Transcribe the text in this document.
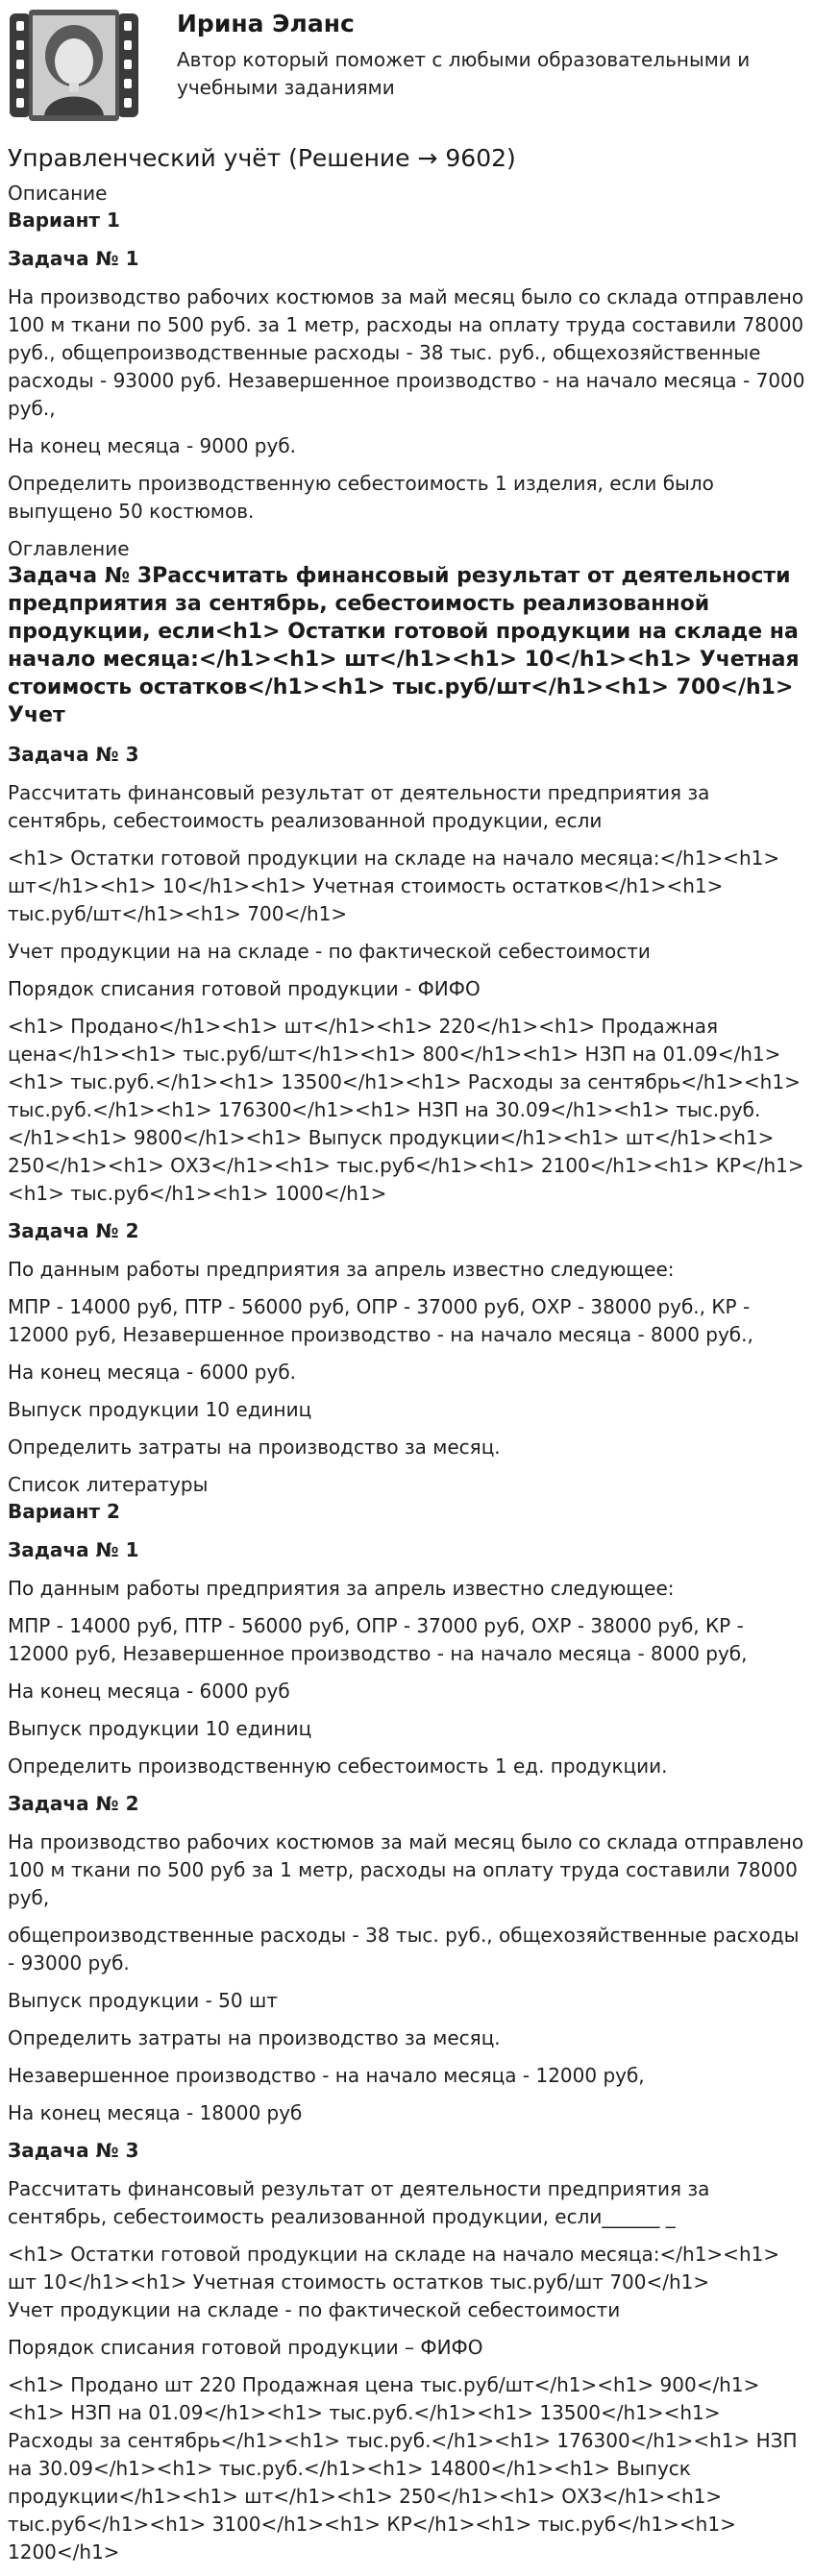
Ирина Эланс
Автор который поможет с любыми образовательными и учебными заданиями
Управленческий учёт (Решение → 9602)
Описание
Вариант 1
Задача № 1

На производство рабочих костюмов за май месяц было со склада отправлено 100 м ткани по 500 руб. за 1 метр, расходы на оплату труда составили 78000 руб., общепроизводственные расходы - 38 тыс. руб., общехозяйственные расходы - 93000 руб. Незавершенное производство - на начало месяца - 7000 руб.,

На конец месяца - 9000 руб.

Определить производственную себестоимость 1 изделия, если было выпущено 50 костюмов.

Оглавление
Задача № 3Рассчитать финансовый результат от деятельности предприятия за сентябрь, себестоимость реализованной продукции, если<h1> Остатки готовой продукции на складе на начало месяца:</h1><h1> шт</h1><h1> 10</h1><h1> Учетная стоимость остатков</h1><h1> тыс.руб/шт</h1><h1> 700</h1> Учет
Задача № 3

Рассчитать финансовый результат от деятельности предприятия за сентябрь, себестоимость реализованной продукции, если

<h1> Остатки готовой продукции на складе на начало месяца:</h1><h1> шт</h1><h1> 10</h1><h1> Учетная стоимость остатков</h1><h1> тыс.руб/шт</h1><h1> 700</h1>

Учет продукции на на складе - по фактической себестоимости

Порядок списания готовой продукции - ФИФО

<h1> Продано</h1><h1> шт</h1><h1> 220</h1><h1> Продажная цена</h1><h1> тыс.руб/шт</h1><h1> 800</h1><h1> НЗП на 01.09</h1><h1> тыс.руб.</h1><h1> 13500</h1><h1> Расходы за сентябрь</h1><h1> тыс.руб.</h1><h1> 176300</h1><h1> НЗП на 30.09</h1><h1> тыс.руб.</h1><h1> 9800</h1><h1> Выпуск продукции</h1><h1> шт</h1><h1> 250</h1><h1> ОХЗ</h1><h1> тыс.руб</h1><h1> 2100</h1><h1> КР</h1><h1> тыс.руб</h1><h1> 1000</h1>

Задача № 2

По данным работы предприятия за апрель известно следующее:

МПР - 14000 руб, ПТР - 56000 руб, ОПР - 37000 руб, ОХР - 38000 руб., КР - 12000 руб, Незавершенное производство - на начало месяца - 8000 руб.,

На конец месяца - 6000 руб.

Выпуск продукции 10 единиц

Определить затраты на производство за месяц.

Список литературы
Вариант 2
Задача № 1

По данным работы предприятия за апрель известно следующее:

МПР - 14000 руб, ПТР - 56000 руб, ОПР - 37000 руб, ОХР - 38000 руб, КР - 12000 руб, Незавершенное производство - на начало месяца - 8000 руб,

На конец месяца - 6000 руб

Выпуск продукции 10 единиц

Определить производственную себестоимость 1 ед. продукции.

Задача № 2

На производство рабочих костюмов за май месяц было со склада отправлено 100 м ткани по 500 руб за 1 метр, расходы на оплату труда составили 78000 руб,

общепроизводственные расходы - 38 тыс. руб., общехозяйственные расходы - 93000 руб.

Выпуск продукции - 50 шт

Определить затраты на производство за месяц.

Незавершенное производство - на начало месяца - 12000 руб,

На конец месяца - 18000 руб

Задача № 3

Рассчитать финансовый результат от деятельности предприятия за сентябрь, себестоимость реализованной продукции, если______ _

<h1> Остатки готовой продукции на складе на начало месяца:</h1><h1> шт 10</h1><h1> Учетная стоимость остатков тыс.руб/шт 700</h1>

Учет продукции на складе - по фактической себестоимости

Порядок списания готовой продукции – ФИФО

<h1> Продано шт 220 Продажная цена тыс.руб/шт</h1><h1> 900</h1><h1> НЗП на 01.09</h1><h1> тыс.руб.</h1><h1> 13500</h1><h1> Расходы за сентябрь</h1><h1> тыс.руб.</h1><h1> 176300</h1><h1> НЗП на 30.09</h1><h1> тыс.руб.</h1><h1> 14800</h1><h1> Выпуск продукции</h1><h1> шт</h1><h1> 250</h1><h1> ОХЗ</h1><h1> тыс.руб</h1><h1> 3100</h1><h1> КР</h1><h1> тыс.руб</h1><h1> 1200</h1>
